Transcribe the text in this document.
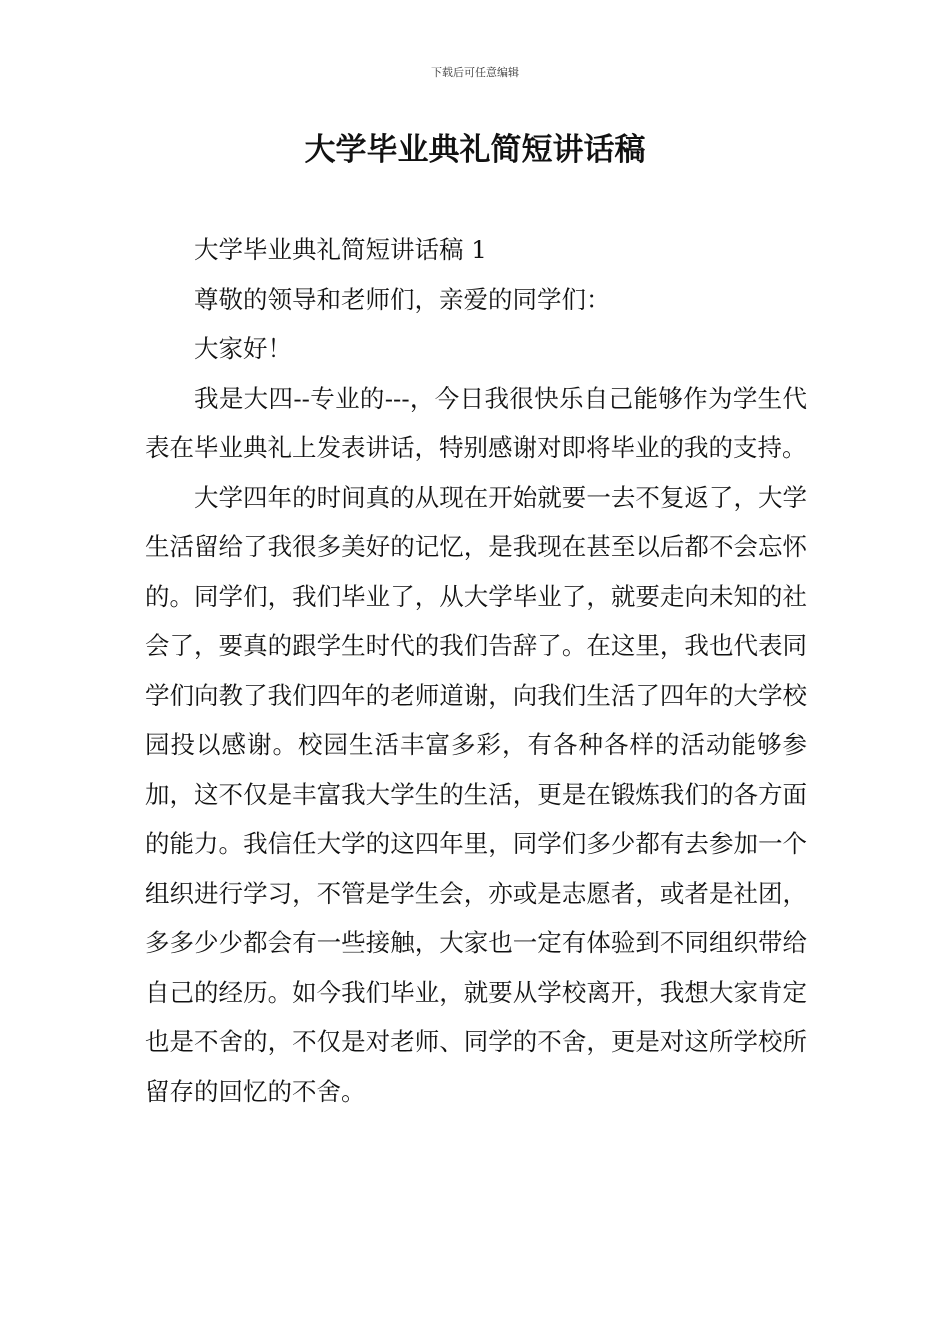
下载后可任意编辑
大学毕业典礼简短讲话稿

大学毕业典礼简短讲话稿 1

尊敬的领导和老师们，亲爱的同学们：

大家好！

我是大四--专业的---，今日我很快乐自己能够作为学生代表在毕业典礼上发表讲话，特别感谢对即将毕业的我的支持。

大学四年的时间真的从现在开始就要一去不复返了，大学生活留给了我很多美好的记忆，是我现在甚至以后都不会忘怀的。同学们，我们毕业了，从大学毕业了，就要走向未知的社会了，要真的跟学生时代的我们告辞了。在这里，我也代表同学们向教了我们四年的老师道谢，向我们生活了四年的大学校园投以感谢。校园生活丰富多彩，有各种各样的活动能够参加，这不仅是丰富我大学生的生活，更是在锻炼我们的各方面的能力。我信任大学的这四年里，同学们多少都有去参加一个组织进行学习，不管是学生会，亦或是志愿者，或者是社团，多多少少都会有一些接触，大家也一定有体验到不同组织带给自己的经历。如今我们毕业，就要从学校离开，我想大家肯定也是不舍的，不仅是对老师、同学的不舍，更是对这所学校所留存的回忆的不舍。
